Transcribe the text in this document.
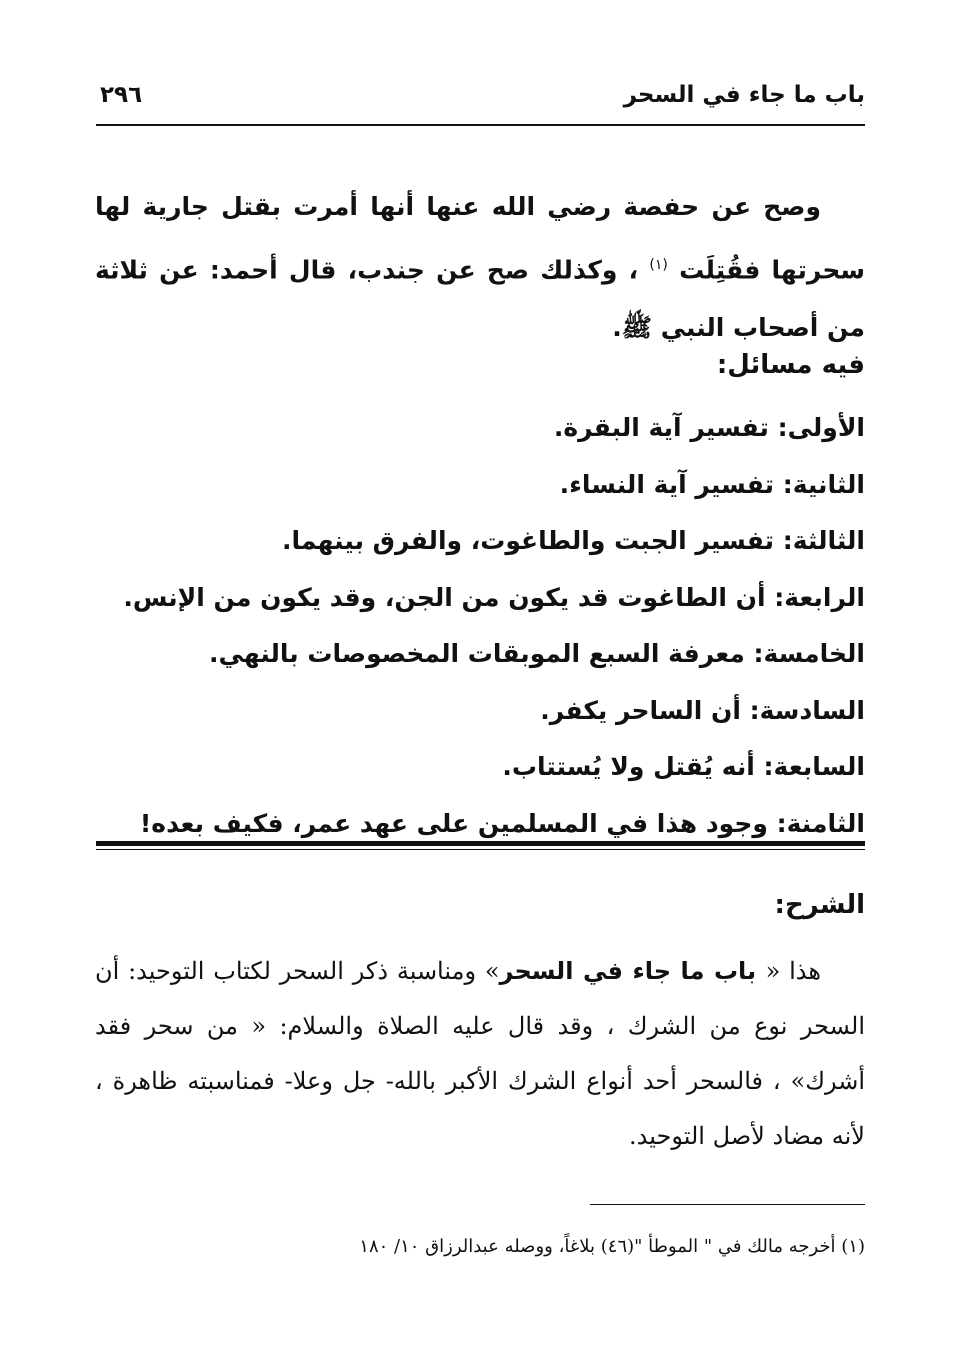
باب ما جاء في السحر
٢٩٦

وصح عن حفصة رضي الله عنها أنها أمرت بقتل جارية لها سحرتها فقُتِلَت $^{(١)}$ ، وكذلك صح عن جندب، قال أحمد: عن ثلاثة من أصحاب النبي ﷺ.

فيه مسائل:
الأولى: تفسير آية البقرة.
الثانية: تفسير آية النساء.
الثالثة: تفسير الجبت والطاغوت، والفرق بينهما.
الرابعة: أن الطاغوت قد يكون من الجن، وقد يكون من الإنس.
الخامسة: معرفة السبع الموبقات المخصوصات بالنهي.
السادسة: أن الساحر يكفر.
السابعة: أنه يُقتل ولا يُستتاب.
الثامنة: وجود هذا في المسلمين على عهد عمر، فكيف بعده!
الشرح:

هذا « باب ما جاء في السحر» ومناسبة ذكر السحر لكتاب التوحيد: أن السحر نوع من الشرك ، وقد قال عليه الصلاة والسلام: « من سحر فقد أشرك» ، فالسحر أحد أنواع الشرك الأكبر بالله- جل وعلا- فمناسبته ظاهرة ، لأنه مضاد لأصل التوحيد.

(١) أخرجه مالك في " الموطأ "(٤٦) بلاغاً، ووصله عبدالرزاق ١٠/ ١٨٠
